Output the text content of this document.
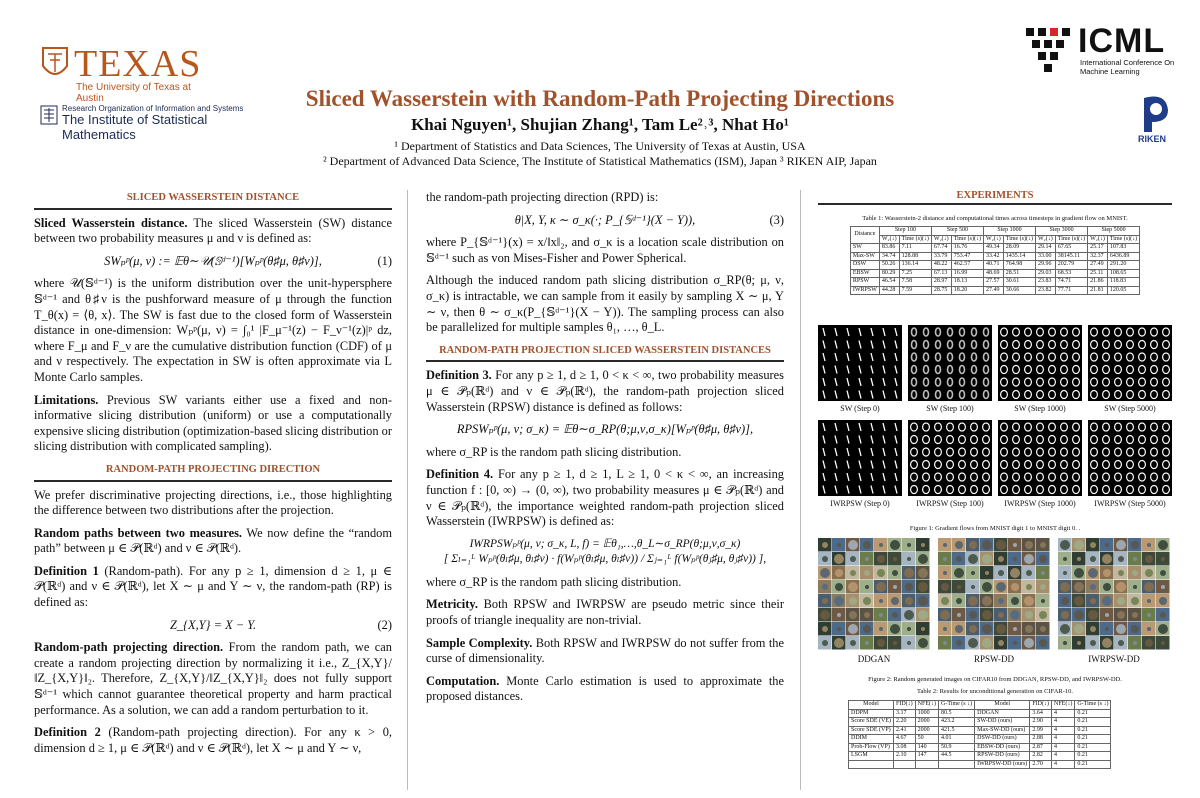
TEXAS
The University of Texas at Austin
Research Organization of Information and Systems
The Institute of Statistical Mathematics
Sliced Wasserstein with Random-Path Projecting Directions
Khai Nguyen¹, Shujian Zhang¹, Tam Le²˒³, Nhat Ho¹
¹ Department of Statistics and Data Sciences, The University of Texas at Austin, USA
² Department of Advanced Data Science, The Institute of Statistical Mathematics (ISM), Japan ³ RIKEN AIP, Japan
ICML
International Conference On Machine Learning
RIKEN
SLICED WASSERSTEIN DISTANCE

Sliced Wasserstein distance. The sliced Wasserstein (SW) distance between two probability measures μ and ν is defined as:

SWₚᵖ(μ, ν) := 𝔼θ∼𝒰(𝕊ᵈ⁻¹)[Wₚᵖ(θ♯μ, θ♯ν)],	(1)

where 𝒰(𝕊ᵈ⁻¹) is the uniform distribution over the unit-hypersphere 𝕊ᵈ⁻¹ and θ♯ν is the pushforward measure of μ through the function T_θ(x) = ⟨θ, x⟩. The SW is fast due to the closed form of Wasserstein distance in one-dimension: Wₚᵖ(μ, ν) = ∫₀¹ |F_μ⁻¹(z) − F_ν⁻¹(z)|ᵖ dz, where F_μ and F_ν are the cumulative distribution function (CDF) of μ and ν respectively. The expectation in SW is often approximate via L Monte Carlo samples.

Limitations. Previous SW variants either use a fixed and non-informative slicing distribution (uniform) or use a computationally expensive slicing distribution (optimization-based slicing distribution or slicing distribution with complicated sampling).

RANDOM-PATH PROJECTING DIRECTION

We prefer discriminative projecting directions, i.e., those highlighting the difference between two distributions after the projection.

Random paths between two measures. We now define the “random path” between μ ∈ 𝒫(ℝᵈ) and ν ∈ 𝒫(ℝᵈ).

Definition 1 (Random-path). For any p ≥ 1, dimension d ≥ 1, μ ∈ 𝒫(ℝᵈ) and ν ∈ 𝒫(ℝᵈ), let X ∼ μ and Y ∼ ν, the random-path (RP) is defined as:

Z_{X,Y} = X − Y.	(2)

Random-path projecting direction. From the random path, we can create a random projecting direction by normalizing it i.e., Z_{X,Y}/‖Z_{X,Y}‖₂. Therefore, Z_{X,Y}/‖Z_{X,Y}‖₂ does not fully support 𝕊ᵈ⁻¹ which cannot guarantee theoretical property and harm practical performance. As a solution, we can add a random perturbation to it.

Definition 2 (Random-path projecting direction). For any κ > 0, dimension d ≥ 1, μ ∈ 𝒫(ℝᵈ) and ν ∈ 𝒫(ℝᵈ), let X ∼ μ and Y ∼ ν,

the random-path projecting direction (RPD) is:

θ|X, Y, κ ∼ σ_κ(·; P_{𝕊ᵈ⁻¹}(X − Y)),	(3)

where P_{𝕊ᵈ⁻¹}(x) = x/‖x‖₂, and σ_κ is a location scale distribution on 𝕊ᵈ⁻¹ such as von Mises-Fisher and Power Spherical.

Although the induced random path slicing distribution σ_RP(θ; μ, ν, σ_κ) is intractable, we can sample from it easily by sampling X ∼ μ, Y ∼ ν, then θ ∼ σ_κ(P_{𝕊ᵈ⁻¹}(X − Y)). The sampling process can also be parallelized for multiple samples θ₁, …, θ_L.

RANDOM-PATH PROJECTION SLICED WASSERSTEIN DISTANCES

Definition 3. For any p ≥ 1, d ≥ 1, 0 < κ < ∞, two probability measures μ ∈ 𝒫ₚ(ℝᵈ) and ν ∈ 𝒫ₚ(ℝᵈ), the random-path projection sliced Wasserstein (RPSW) distance is defined as follows:

RPSWₚᵖ(μ, ν; σ_κ) = 𝔼θ∼σ_RP(θ;μ,ν,σ_κ)[Wₚᵖ(θ♯μ, θ♯ν)],

where σ_RP is the random path slicing distribution.

Definition 4. For any p ≥ 1, d ≥ 1, L ≥ 1, 0 < κ < ∞, an increasing function f : [0, ∞) → (0, ∞), two probability measures μ ∈ 𝒫ₚ(ℝᵈ) and ν ∈ 𝒫ₚ(ℝᵈ), the importance weighted random-path projection sliced Wasserstein (IWRPSW) is defined as:

IWRPSWₚᵖ(μ, ν; σ_κ, L, f) = 𝔼θ₁,…,θ_L∼σ_RP(θ;μ,ν,σ_κ)
[ Σₗ₌₁ᴸ Wₚᵖ(θₗ♯μ, θₗ♯ν) · f(Wₚᵖ(θₗ♯μ, θₗ♯ν)) / Σⱼ₌₁ᴸ f(Wₚᵖ(θⱼ♯μ, θⱼ♯ν)) ],

where σ_RP is the random path slicing distribution.

Metricity. Both RPSW and IWRPSW are pseudo metric since their proofs of triangle inequality are non-trivial.

Sample Complexity. Both RPSW and IWRPSW do not suffer from the curse of dimensionality.

Computation. Monte Carlo estimation is used to approximate the proposed distances.

EXPERIMENTS
Table 1: Wasserstein-2 distance and computational times across timesteps in gradient flow on MNIST.
Distance	Step 100		Step 500		Step 1000		Step 3000		Step 5000	
	W₂(↓)	Time (s)(↓)	W₂(↓)	Time (s)(↓)	W₂(↓)	Time (s)(↓)	W₂(↓)	Time (s)(↓)	W₂(↓)	Time (s)(↓)
SW	83.86	7.11	67.74	16.76	49.34	28.09	29.14	67.65	25.17	107.83
Max-SW	34.74	128.88	33.79	753.47	33.42	1435.14	33.00	38145.11	32.37	6436.89
DSW	50.26	136.14	48.22	462.57	40.71	764.98	29.96	202.79	27.49	291.20
EBSW	80.29	7.25	67.13	16.99	48.69	28.51	29.03	68.53	25.11	108.65
RPSW	46.54	7.58	28.97	18.13	27.57	30.61	23.83	74.71	21.86	118.83
IWRPSW	44.28	7.59	28.75	18.20	27.49	30.66	23.82	77.71	21.81	120.05
SW (Step 0)	SW (Step 100)	SW (Step 1000)	SW (Step 5000)
IWRPSW (Step 0)	IWRPSW (Step 100)	IWRPSW (Step 1000)	IWRPSW (Step 5000)
Figure 1: Gradient flows from MNIST digit 1 to MNIST digit 0. .
DDGAN	RPSW-DD	IWRPSW-DD
Figure 2: Random generated images on CIFAR10 from DDGAN, RPSW-DD, and IWRPSW-DD.
Table 2: Results for unconditional generation on CIFAR-10.
Model	FID(↓)	NFE(↓)	G-Time (s ↓)	Model	FID(↓)	NFE(↓)	G-Time (s ↓)
DDPM	3.17	1000	80.5	DDGAN	3.64	4	0.21
Score SDE (VE)	2.20	2000	423.2	SW-DD (ours)	2.90	4	0.21
Score SDE (VP)	2.41	2000	421.5	Max-SW-DD (ours)	2.99	4	0.21
DDIM	4.67	50	4.01	DSW-DD (ours)	2.88	4	0.21
Prob-Flow (VP)	3.08	140	50.9	EBSW-DD (ours)	2.87	4	0.21
LSGM	2.10	147	44.5	RPSW-DD (ours)	2.82	4	0.21
				IWRPSW-DD (ours)	2.70	4	0.21
